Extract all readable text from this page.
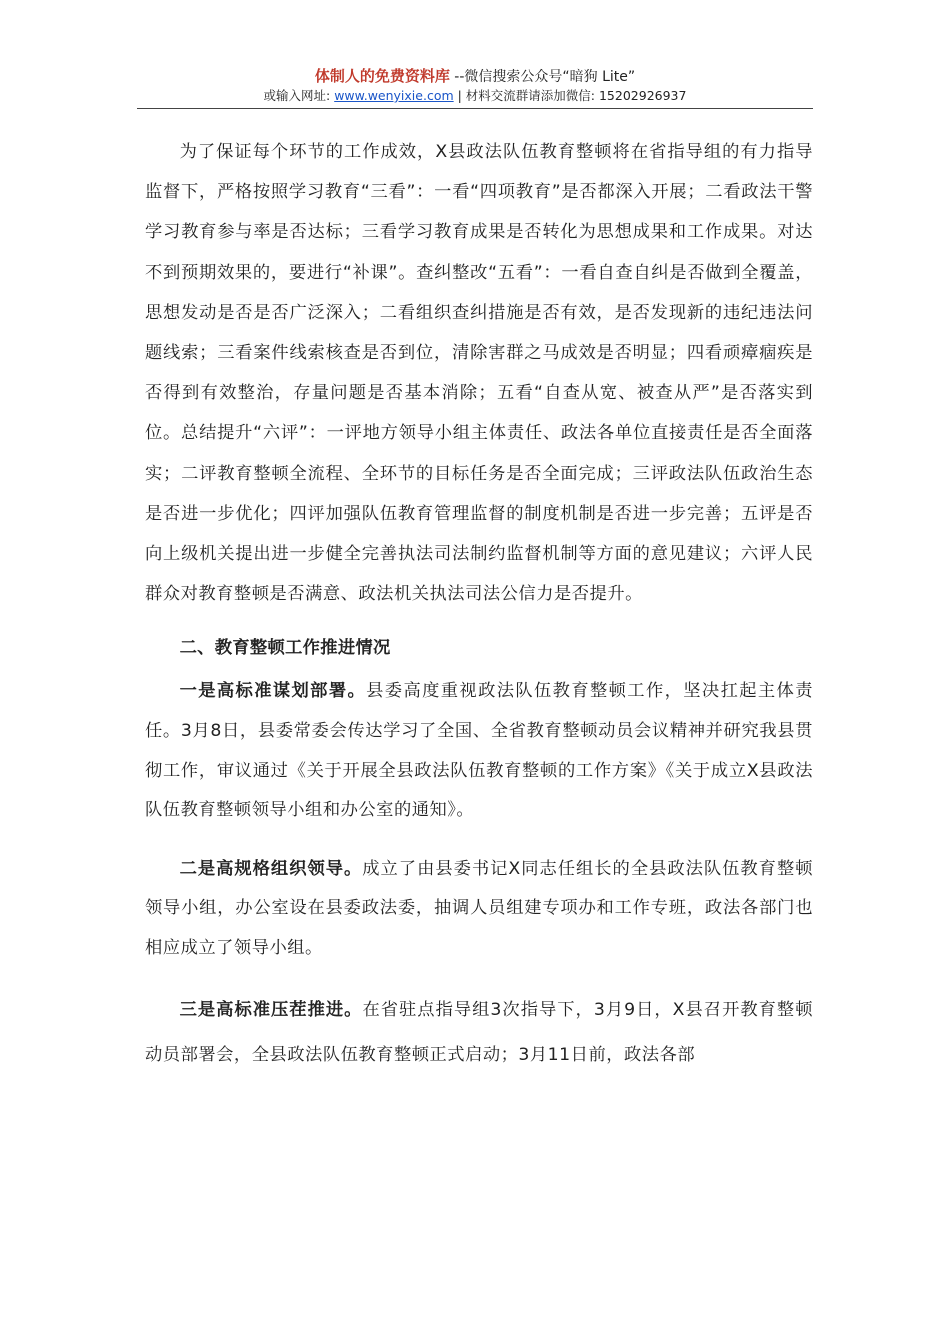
体制人的免费资料库 --微信搜索公众号“暗狗 Lite”
或输入网址: www.wenyixie.com | 材料交流群请添加微信: 15202926937

为了保证每个环节的工作成效，X县政法队伍教育整顿将在省指导组的有力指导监督下，严格按照学习教育“三看”：一看“四项教育”是否都深入开展；二看政法干警学习教育参与率是否达标；三看学习教育成果是否转化为思想成果和工作成果。对达不到预期效果的，要进行“补课”。查纠整改“五看”：一看自查自纠是否做到全覆盖，思想发动是否是否广泛深入；二看组织查纠措施是否有效，是否发现新的违纪违法问题线索；三看案件线索核查是否到位，清除害群之马成效是否明显；四看顽瘴痼疾是否得到有效整治，存量问题是否基本消除；五看“自查从宽、被查从严”是否落实到位。总结提升“六评”：一评地方领导小组主体责任、政法各单位直接责任是否全面落实；二评教育整顿全流程、全环节的目标任务是否全面完成；三评政法队伍政治生态是否进一步优化；四评加强队伍教育管理监督的制度机制是否进一步完善；五评是否向上级机关提出进一步健全完善执法司法制约监督机制等方面的意见建议；六评人民群众对教育整顿是否满意、政法机关执法司法公信力是否提升。

二、教育整顿工作推进情况

一是高标准谋划部署。县委高度重视政法队伍教育整顿工作，坚决扛起主体责任。3月8日，县委常委会传达学习了全国、全省教育整顿动员会议精神并研究我县贯彻工作，审议通过《关于开展全县政法队伍教育整顿的工作方案》《关于成立X县政法队伍教育整顿领导小组和办公室的通知》。

二是高规格组织领导。成立了由县委书记X同志任组长的全县政法队伍教育整顿领导小组，办公室设在县委政法委，抽调人员组建专项办和工作专班，政法各部门也相应成立了领导小组。

三是高标准压茬推进。在省驻点指导组3次指导下，3月9日，X县召开教育整顿动员部署会，全县政法队伍教育整顿正式启动；3月11日前，政法各部
